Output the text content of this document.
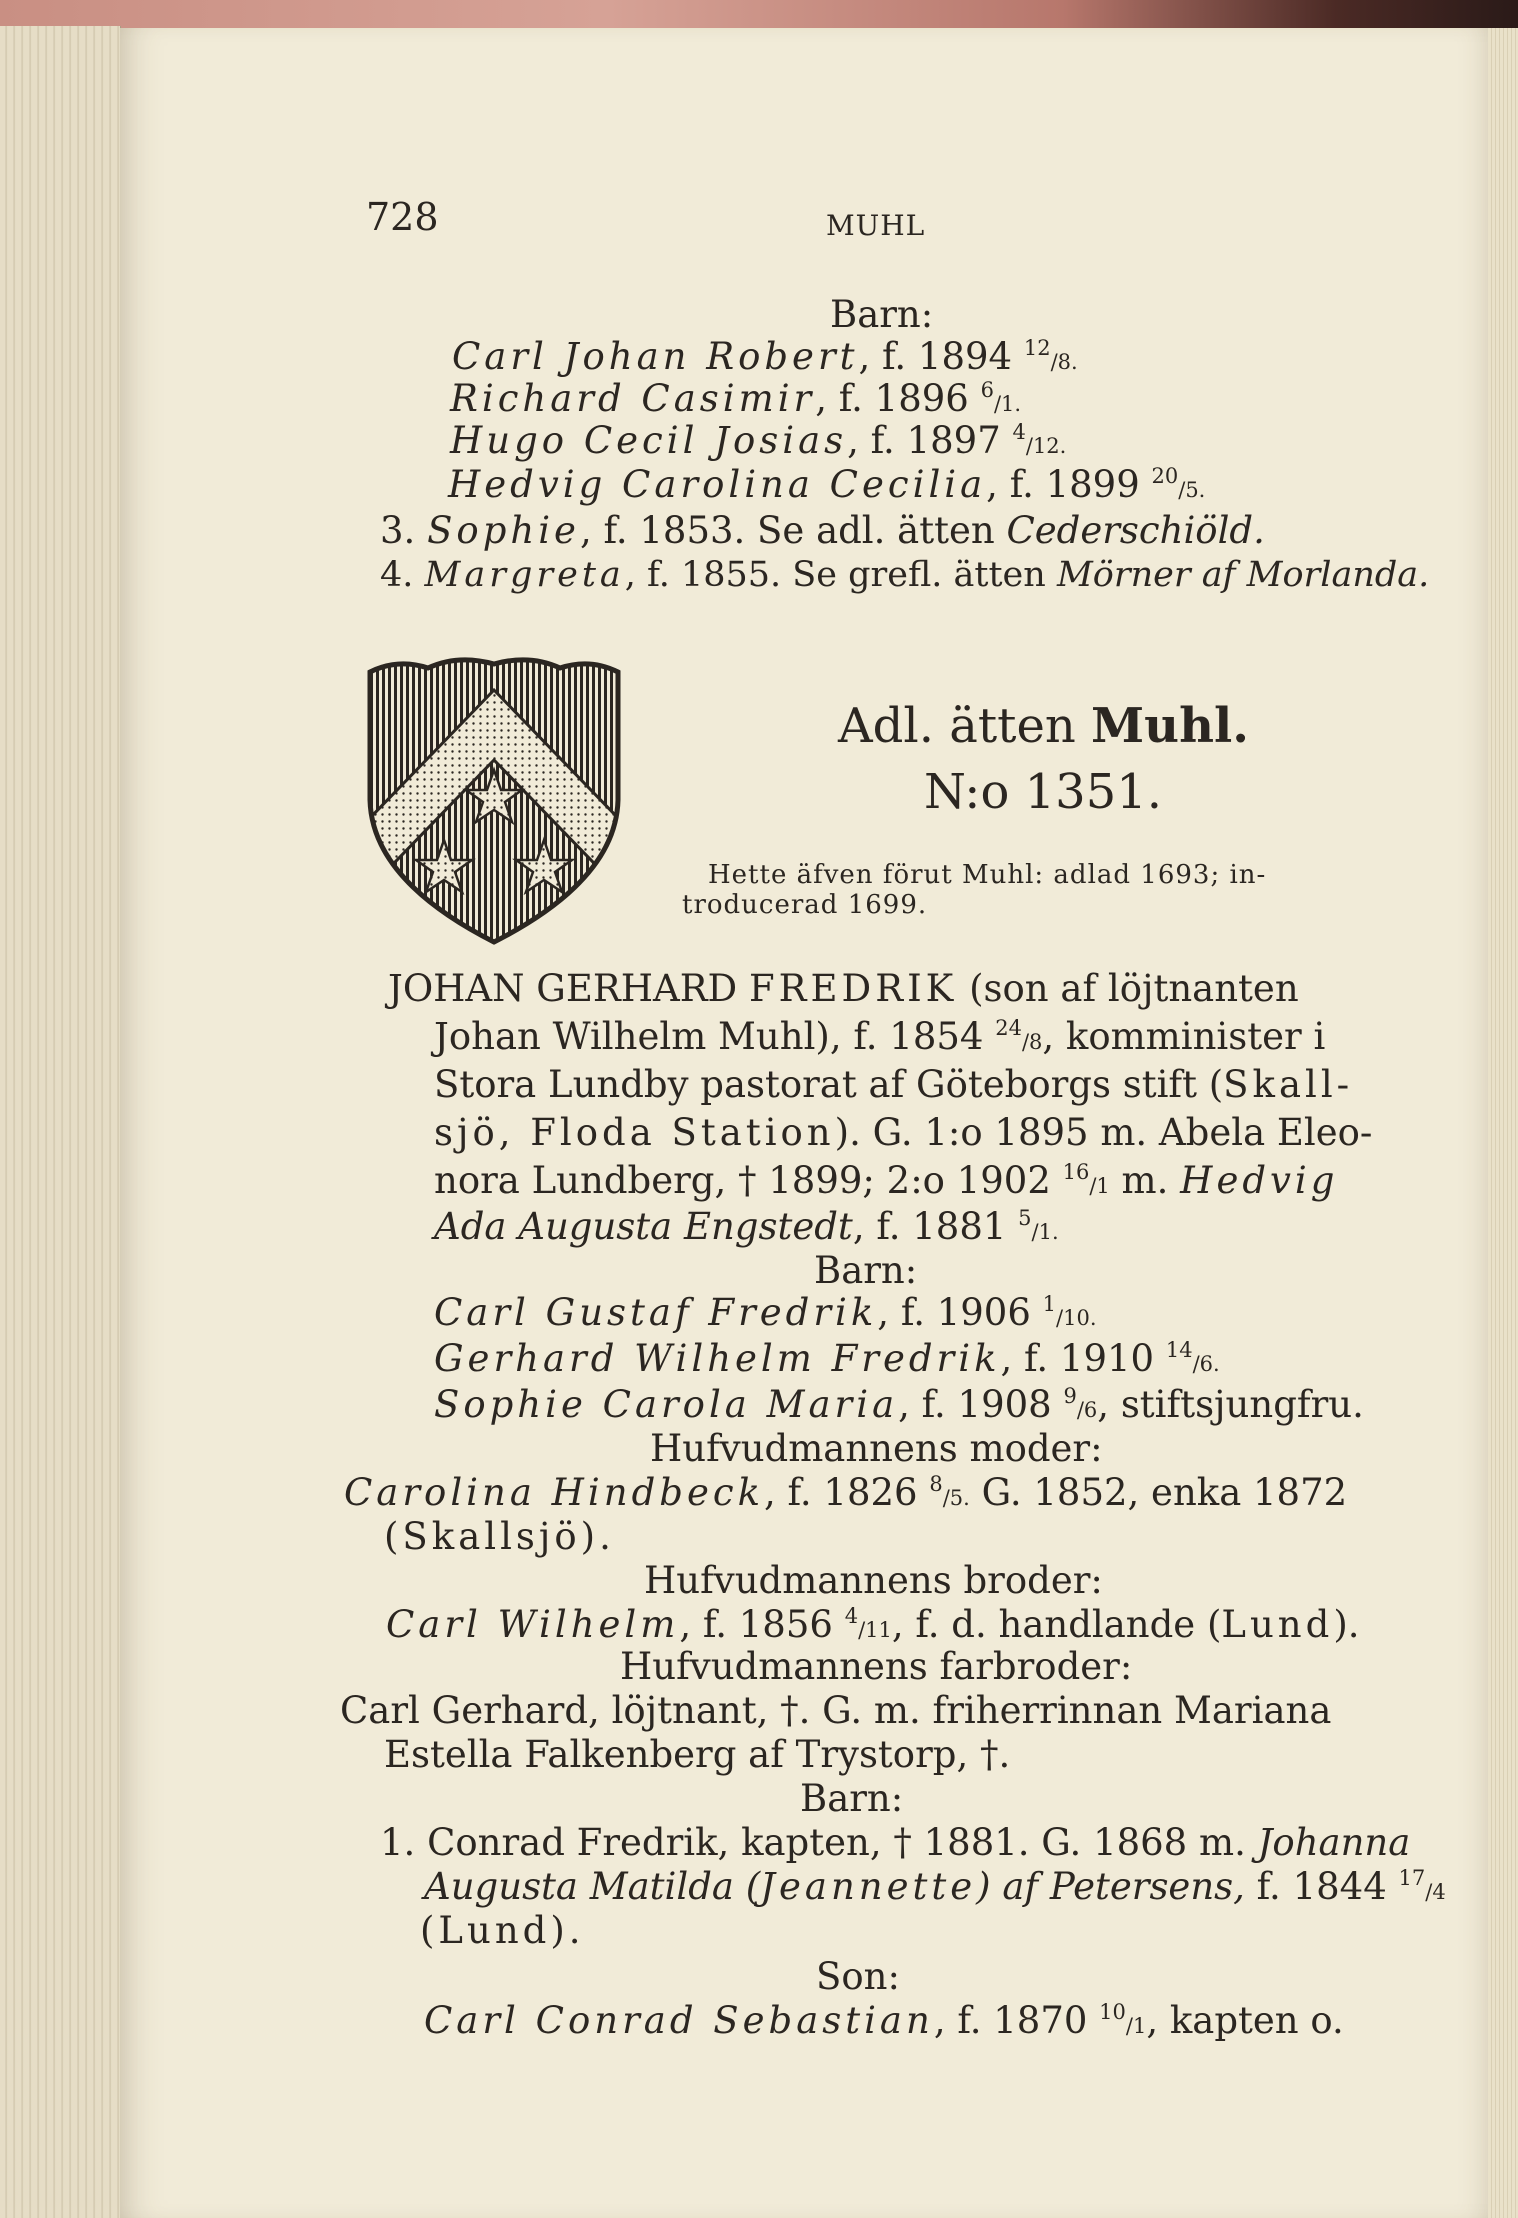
728	MUHL
Barn:
Carl Johan Robert, f. 1894 $^{12}$/8.
Richard Casimir, f. 1896 $^6$/1.
Hugo Cecil Josias, f. 1897 $^4$/12.
Hedvig Carolina Cecilia, f. 1899 $^{20}$/5.
3. Sophie, f. 1853. Se adl. ätten Cederschiöld.
4. Margreta, f. 1855. Se grefl. ätten Mörner af Morlanda.
Adl. ätten Muhl.
N:o 1351.
Hette äfven förut Muhl: adlad 1693; in-
troducerad 1699.
JOHAN GERHARD FREDRIK (son af löjtnanten
Johan Wilhelm Muhl), f. 1854 $^{24}$/8, komminister i
Stora Lundby pastorat af Göteborgs stift (Skall-
sjö, Floda Station). G. 1:o 1895 m. Abela Eleo-
nora Lundberg, † 1899; 2:o 1902 $^{16}$/1 m. Hedvig
Ada Augusta Engstedt, f. 1881 $^5$/1.
Barn:
Carl Gustaf Fredrik, f. 1906 $^1$/10.
Gerhard Wilhelm Fredrik, f. 1910 $^{14}$/6.
Sophie Carola Maria, f. 1908 $^9$/6, stiftsjungfru.
Hufvudmannens moder:
Carolina Hindbeck, f. 1826 $^8$/5. G. 1852, enka 1872
(Skallsjö).
Hufvudmannens broder:
Carl Wilhelm, f. 1856 $^4$/11, f. d. handlande (Lund).
Hufvudmannens farbroder:
Carl Gerhard, löjtnant, †. G. m. friherrinnan Mariana
Estella Falkenberg af Trystorp, †.
Barn:
1. Conrad Fredrik, kapten, † 1881. G. 1868 m. Johanna
Augusta Matilda (Jeannette) af Petersens, f. 1844 $^{17}$/4
(Lund).
Son:
Carl Conrad Sebastian, f. 1870 $^{10}$/1, kapten o.
